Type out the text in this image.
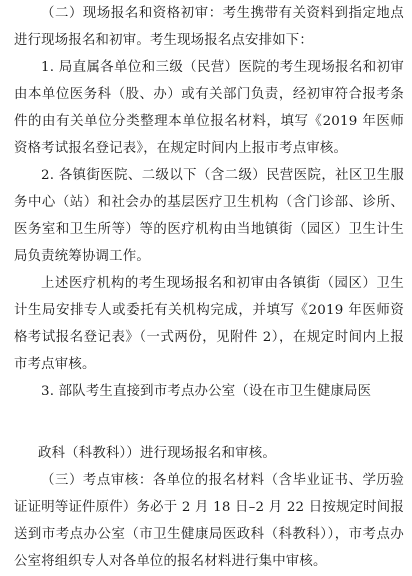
（二）现场报名和资格初审：考生携带有关资料到指定地点进行现场报名和初审。考生现场报名点安排如下：

1. 局直属各单位和三级（民营）医院的考生现场报名和初审由本单位医务科（股、办）或有关部门负责，经初审符合报考条件的由有关单位分类整理本单位报名材料，填写《2019 年医师资格考试报名登记表》，在规定时间内上报市考点审核。

2. 各镇街医院、二级以下（含二级）民营医院，社区卫生服务中心（站）和社会办的基层医疗卫生机构（含门诊部、诊所、医务室和卫生所等）等的医疗机构由当地镇街（园区）卫生计生局负责统筹协调工作。

上述医疗机构的考生现场报名和初审由各镇街（园区）卫生计生局安排专人或委托有关机构完成，并填写《2019 年医师资格考试报名登记表》（一式两份，见附件 2），在规定时间内上报市考点审核。

3. 部队考生直接到市考点办公室（设在市卫生健康局医

政科（科教科））进行现场报名和审核。

（三）考点审核：各单位的报名材料（含毕业证书、学历验证证明等证件原件）务必于 2 月 18 日–2 月 22 日按规定时间报送到市考点办公室（市卫生健康局医政科（科教科）），市考点办公室将组织专人对各单位的报名材料进行集中审核。
